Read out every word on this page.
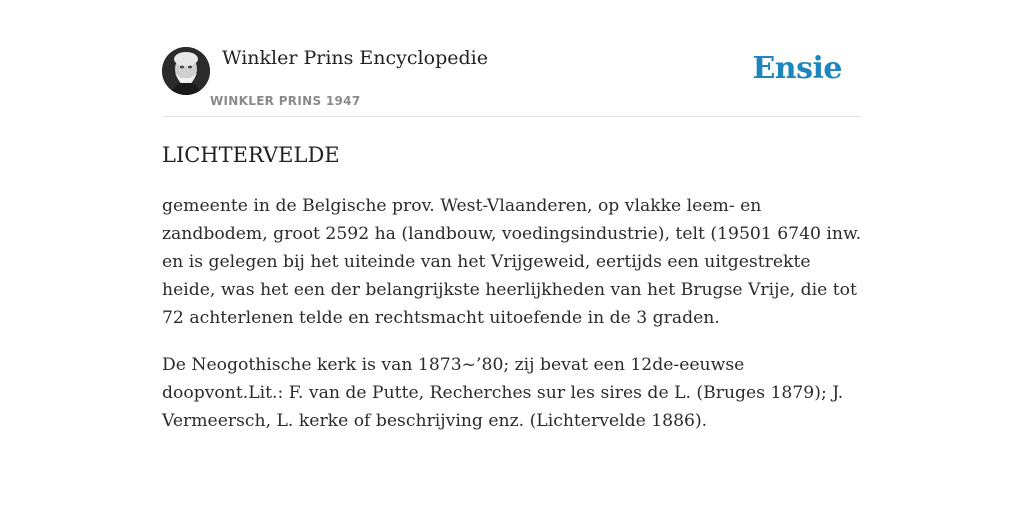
Winkler Prins Encyclopedie
WINKLER PRINS 1947
Ensie
LICHTERVELDE

gemeente in de Belgische prov. West-Vlaanderen, op vlakke leem- en zandbodem, groot 2592 ha (landbouw, voedingsindustrie), telt (19501 6740 inw. en is gelegen bij het uiteinde van het Vrijgeweid, eertijds een uitgestrekte heide, was het een der belangrijkste heerlijkheden van het Brugse Vrije, die tot 72 achterlenen telde en rechtsmacht uitoefende in de 3 graden.

De Neogothische kerk is van 1873~’80; zij bevat een 12de-eeuwse doopvont.Lit.: F. van de Putte, Recherches sur les sires de L. (Bruges 1879); J. Vermeersch, L. kerke of beschrijving enz. (Lichtervelde 1886).
